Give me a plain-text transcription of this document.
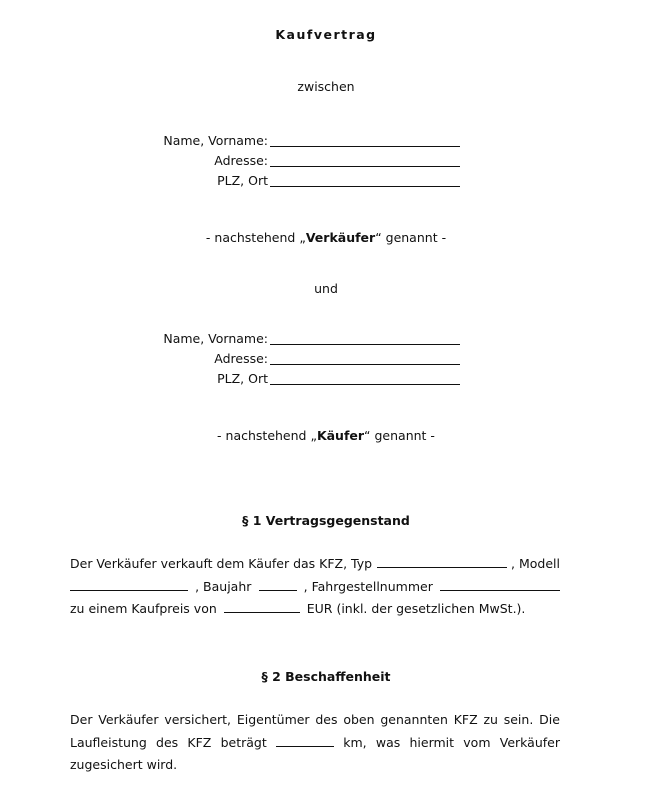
Kaufvertrag
zwischen
Name, Vorname:
Adresse:
PLZ, Ort
- nachstehend „Verkäufer“ genannt -
und
Name, Vorname:
Adresse:
PLZ, Ort
- nachstehend „Käufer“ genannt -
§ 1 Vertragsgegenstand
Der Verkäufer verkauft dem Käufer das KFZ, Typ	, Modell
, Baujahr	, Fahrgestellnummer
zu einem Kaufpreis von	EUR (inkl. der gesetzlichen MwSt.).
§ 2 Beschaffenheit
Der Verkäufer versichert, Eigentümer des oben genannten KFZ zu sein. Die
Laufleistung des KFZ beträgt	km, was hiermit vom Verkäufer
zugesichert wird.
